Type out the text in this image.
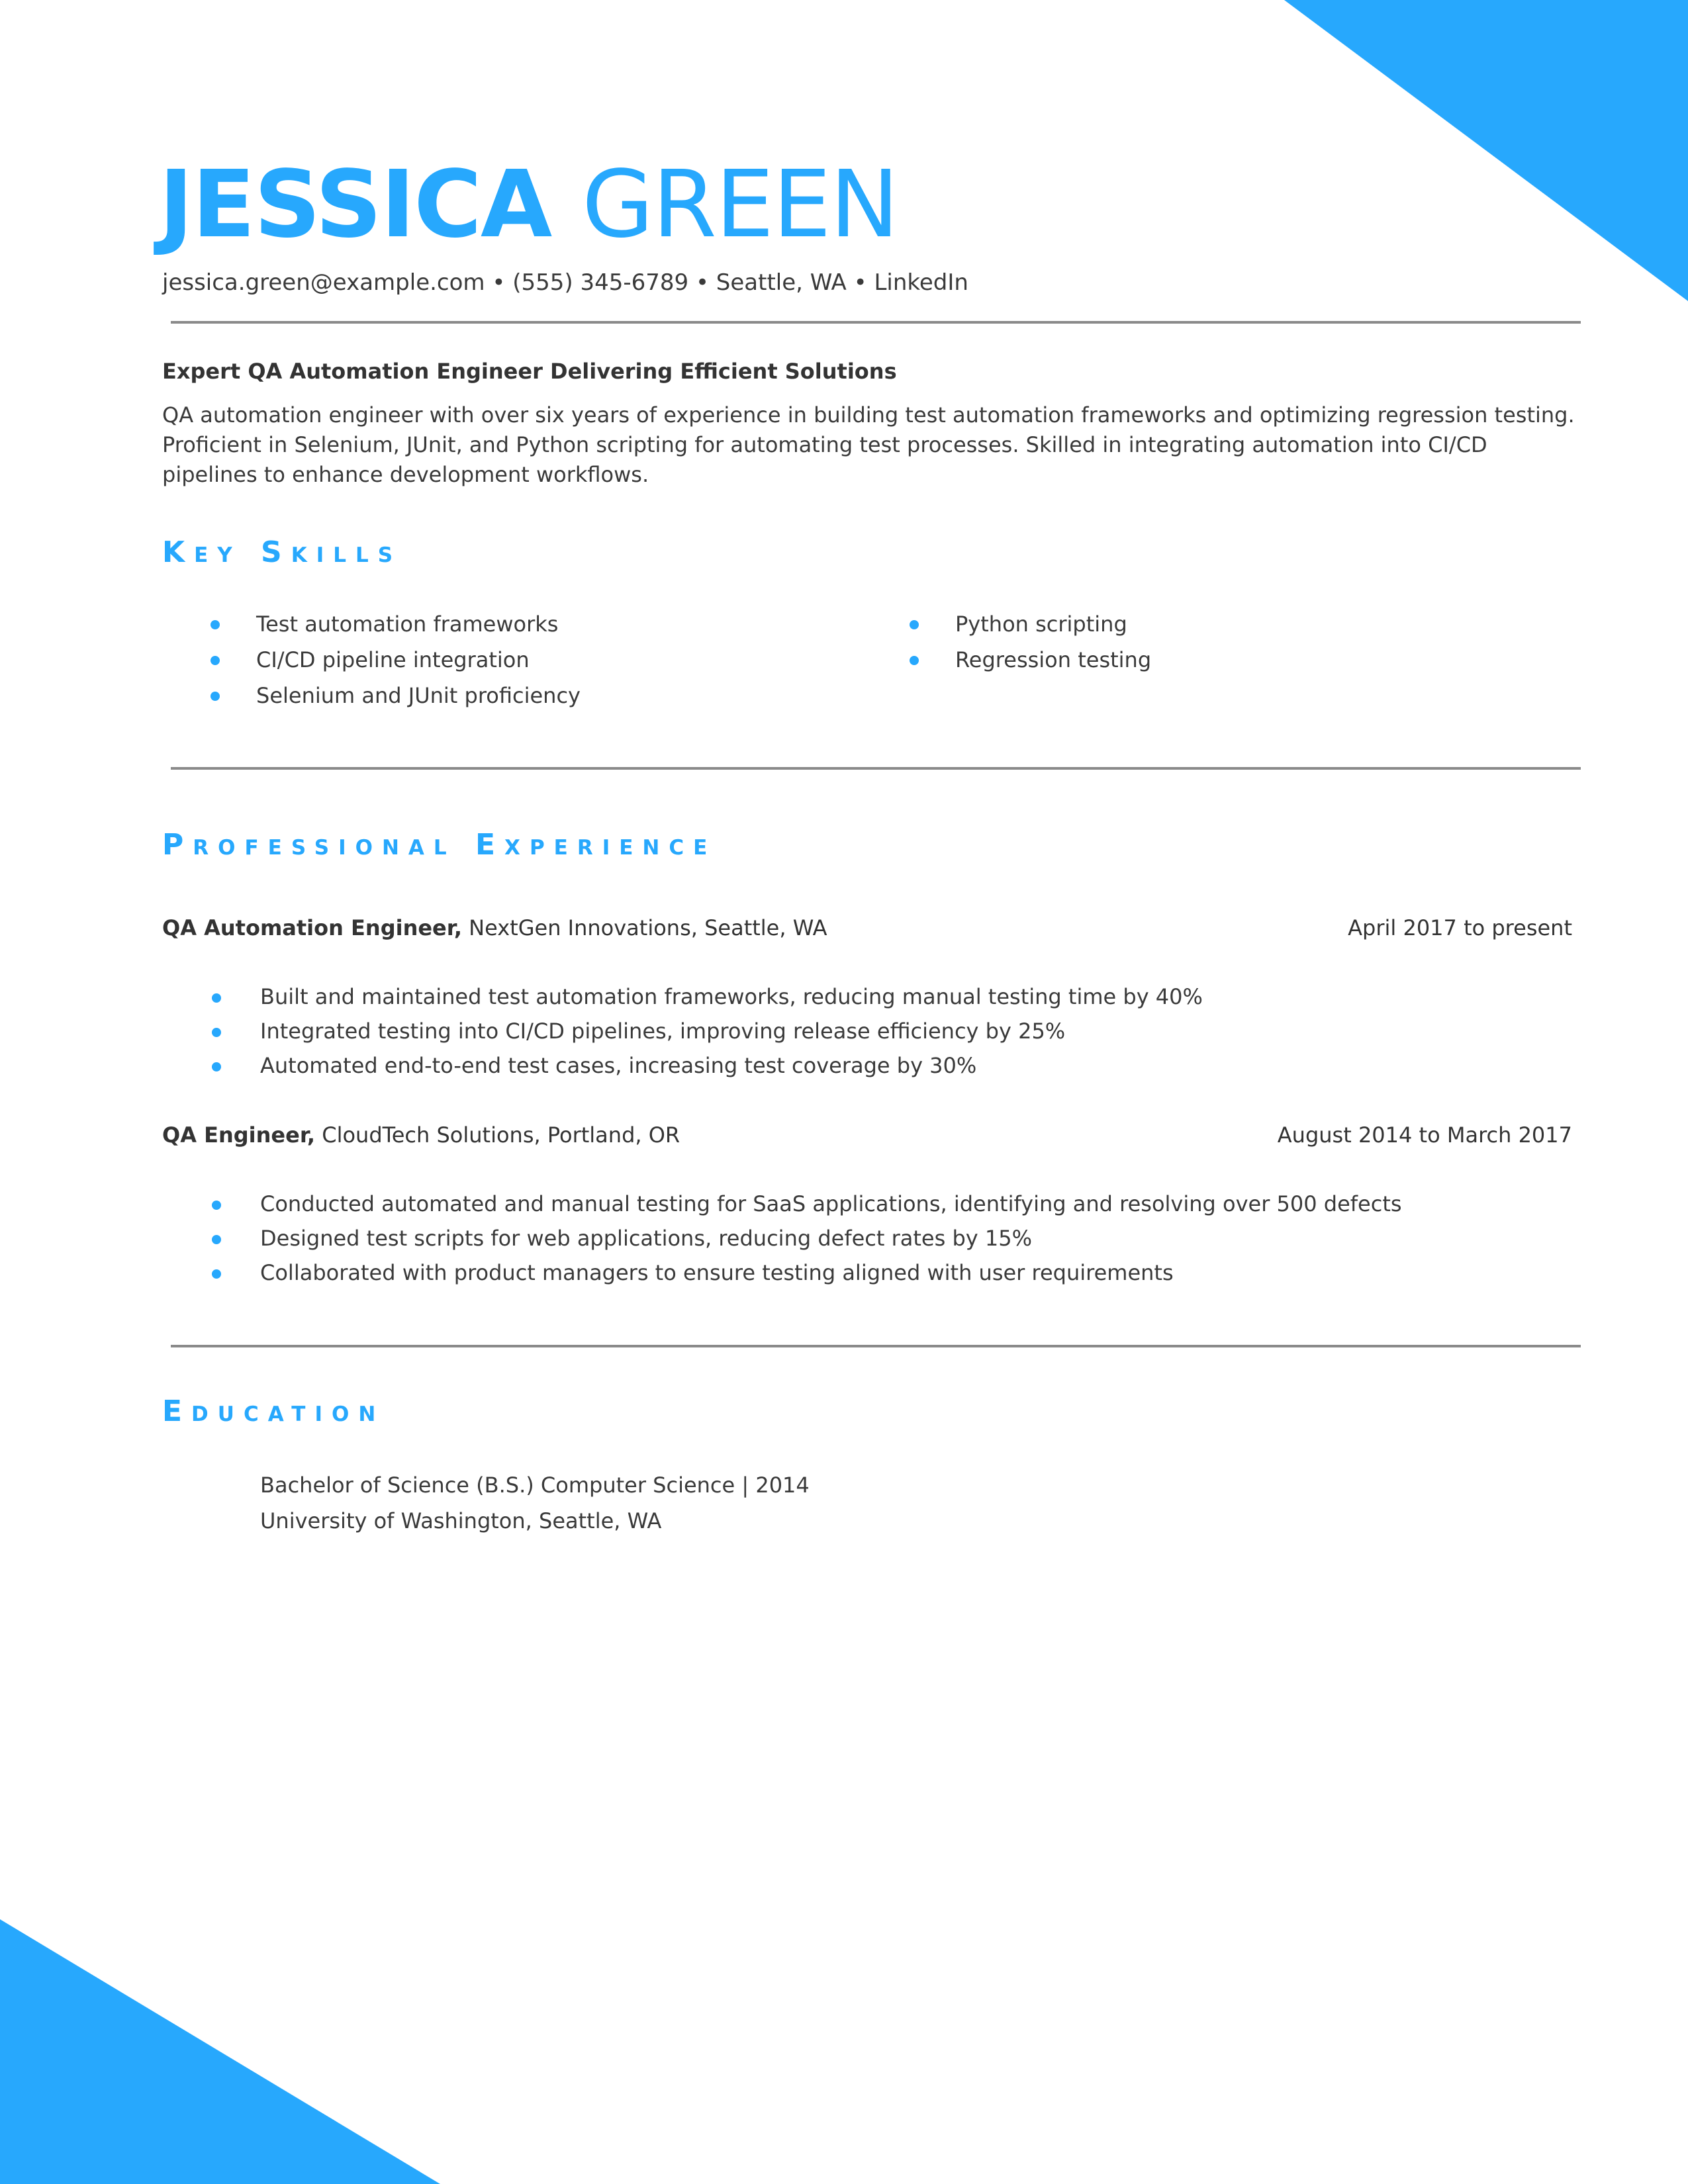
JESSICA GREEN
jessica.green@example.com • (555) 345-6789 • Seattle, WA • LinkedIn
Expert QA Automation Engineer Delivering Efficient Solutions

QA automation engineer with over six years of experience in building test automation frameworks and optimizing regression testing. Proficient in Selenium, JUnit, and Python scripting for automating test processes. Skilled in integrating automation into CI/CD pipelines to enhance development workflows.

Key Skills
Test automation frameworks
CI/CD pipeline integration
Selenium and JUnit proficiency
Python scripting
Regression testing
Professional Experience
QA Automation Engineer, NextGen Innovations, Seattle, WA	April 2017 to present
Built and maintained test automation frameworks, reducing manual testing time by 40%
Integrated testing into CI/CD pipelines, improving release efficiency by 25%
Automated end-to-end test cases, increasing test coverage by 30%
QA Engineer, CloudTech Solutions, Portland, OR	August 2014 to March 2017
Conducted automated and manual testing for SaaS applications, identifying and resolving over 500 defects
Designed test scripts for web applications, reducing defect rates by 15%
Collaborated with product managers to ensure testing aligned with user requirements
Education
Bachelor of Science (B.S.) Computer Science | 2014
University of Washington, Seattle, WA
